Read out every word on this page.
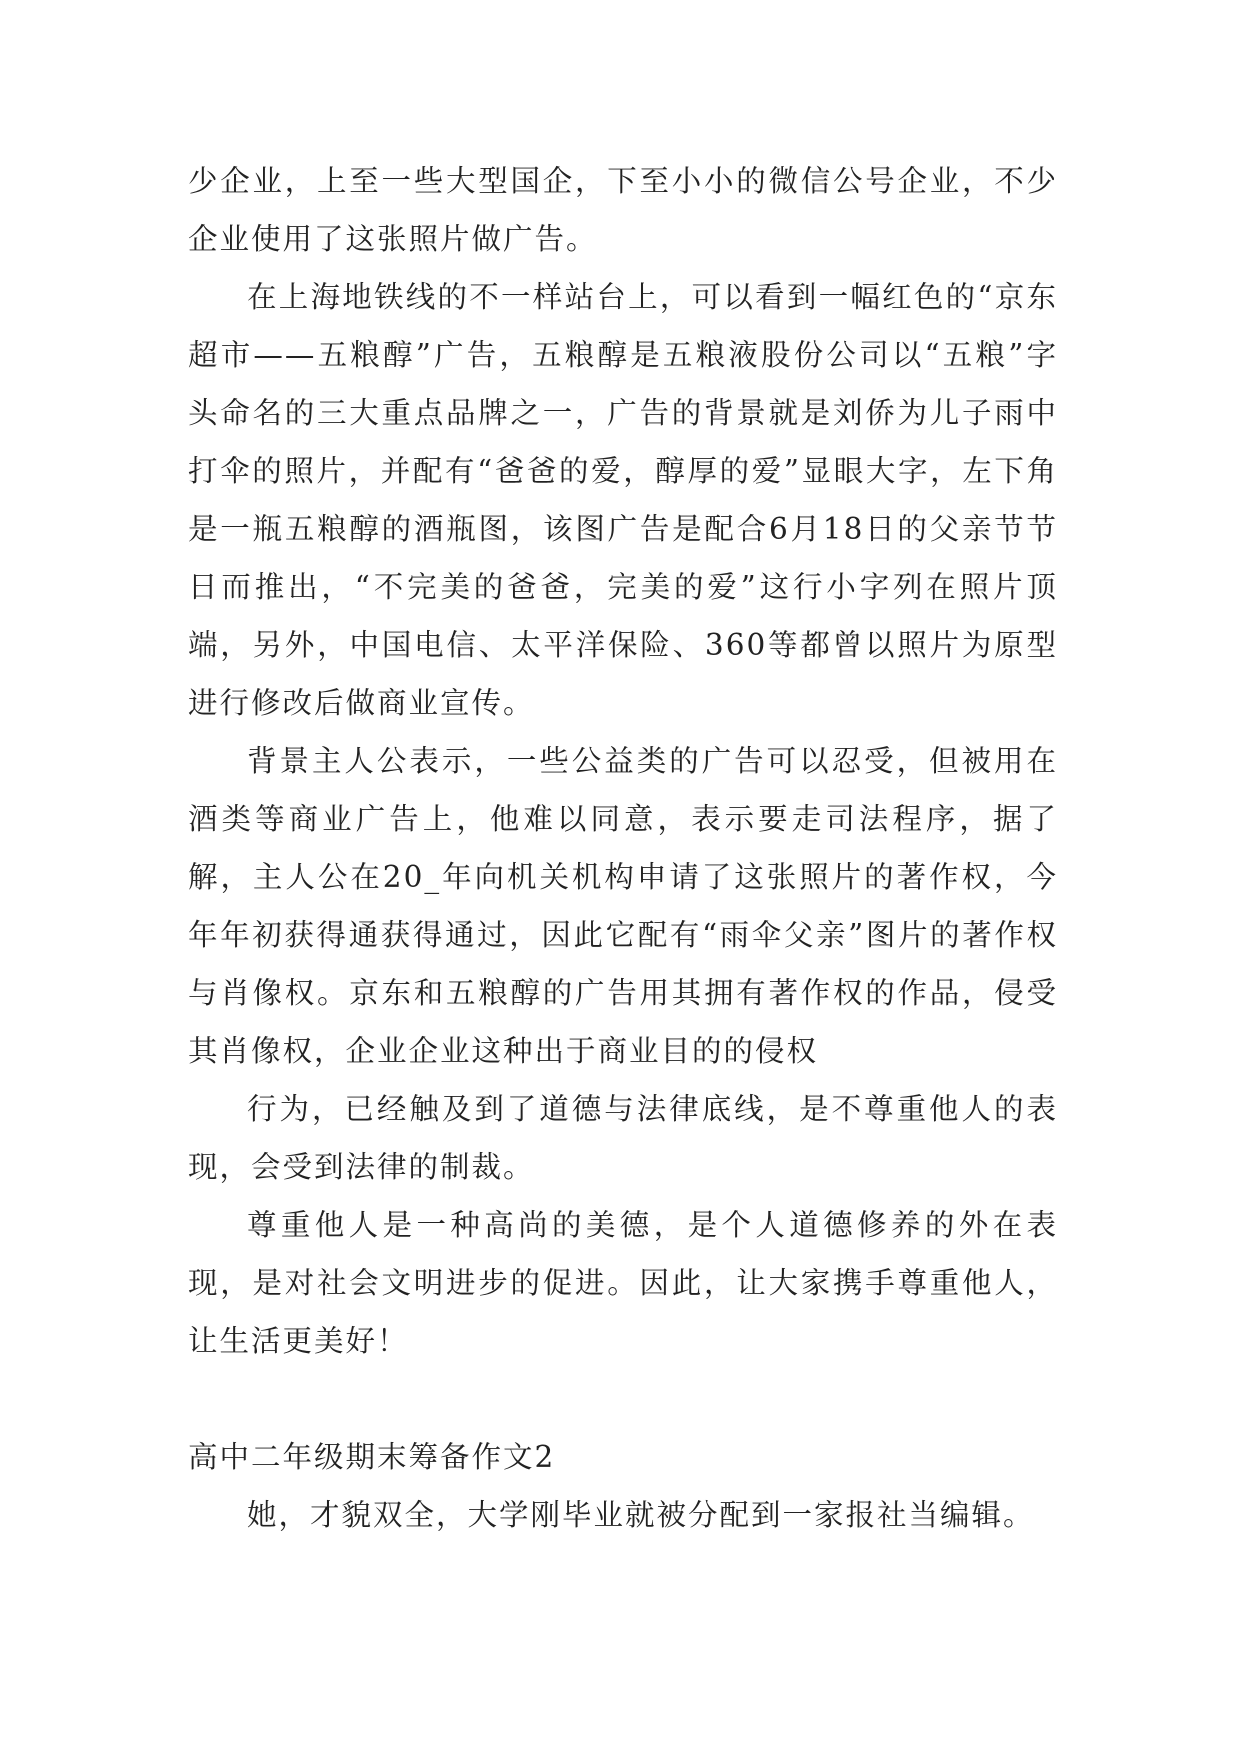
少企业，上至一些大型国企，下至小小的微信公号企业，不少企业使用了这张照片做广告。

在上海地铁线的不一样站台上，可以看到一幅红色的“京东超市——五粮醇”广告，五粮醇是五粮液股份公司以“五粮”字头命名的三大重点品牌之一，广告的背景就是刘侨为儿子雨中打伞的照片，并配有“爸爸的爱，醇厚的爱”显眼大字，左下角是一瓶五粮醇的酒瓶图，该图广告是配合6月18日的父亲节节日而推出，“不完美的爸爸，完美的爱”这行小字列在照片顶端，另外，中国电信、太平洋保险、360等都曾以照片为原型进行修改后做商业宣传。

背景主人公表示，一些公益类的广告可以忍受，但被用在酒类等商业广告上，他难以同意，表示要走司法程序，据了解，主人公在20_年向机关机构申请了这张照片的著作权，今年年初获得通获得通过，因此它配有“雨伞父亲”图片的著作权与肖像权。京东和五粮醇的广告用其拥有著作权的作品，侵受其肖像权，企业企业这种出于商业目的的侵权

行为，已经触及到了道德与法律底线，是不尊重他人的表现，会受到法律的制裁。

尊重他人是一种高尚的美德，是个人道德修养的外在表现，是对社会文明进步的促进。因此，让大家携手尊重他人，让生活更美好！

高中二年级期末筹备作文2

她，才貌双全，大学刚毕业就被分配到一家报社当编辑。
